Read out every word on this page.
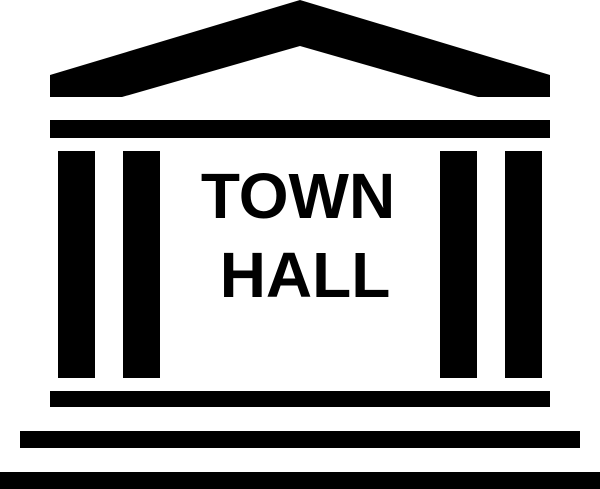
TOWN
HALL
